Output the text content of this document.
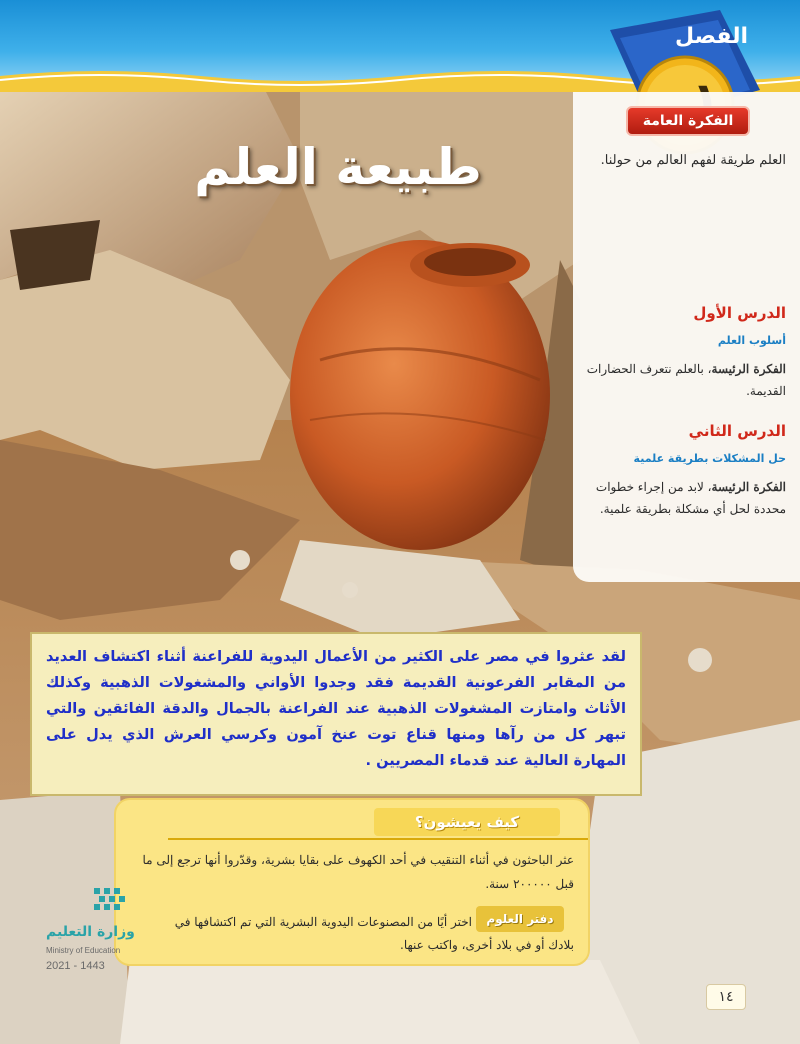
الفصل
طبيعة العلم
الفكرة العامة
العلم طريقة لفهم العالم من حولنا.
الدرس الأول
أسلوب العلم
الفكرة الرئيسة، بالعلم نتعرف الحضارات القديمة.
الدرس الثاني
حل المشكلات بطريقة علمية
الفكرة الرئيسة، لابد من إجراء خطوات محددة لحل أي مشكلة بطريقة علمية.
لقد عثروا في مصر على الكثير من الأعمال اليدوية للفراعنة أثناء اكتشاف العديد من المقابر الفرعونية القديمة فقد وجدوا الأواني والمشغولات الذهبية وكذلك الأثاث وامتازت المشغولات الذهبية عند الفراعنة بالجمال والدقة الفائقين والتي تبهر كل من رآها ومنها قناع توت عنخ آمون وكرسي العرش الذي يدل على المهارة العالية عند قدماء المصريين .
كيف يعيشون؟
عثر الباحثون في أثناء التنقيب في أحد الكهوف على بقايا بشرية، وقدّروا أنها ترجع إلى ما قبل ٢٠٠٠٠٠ سنة.
دفتر العلوم
اختر أيًا من المصنوعات اليدوية البشرية التي تم اكتشافها في
بلادك أو في بلاد أخرى، واكتب عنها.
وزارة التعليم
Ministry of Education
2021 - 1443
١٤
